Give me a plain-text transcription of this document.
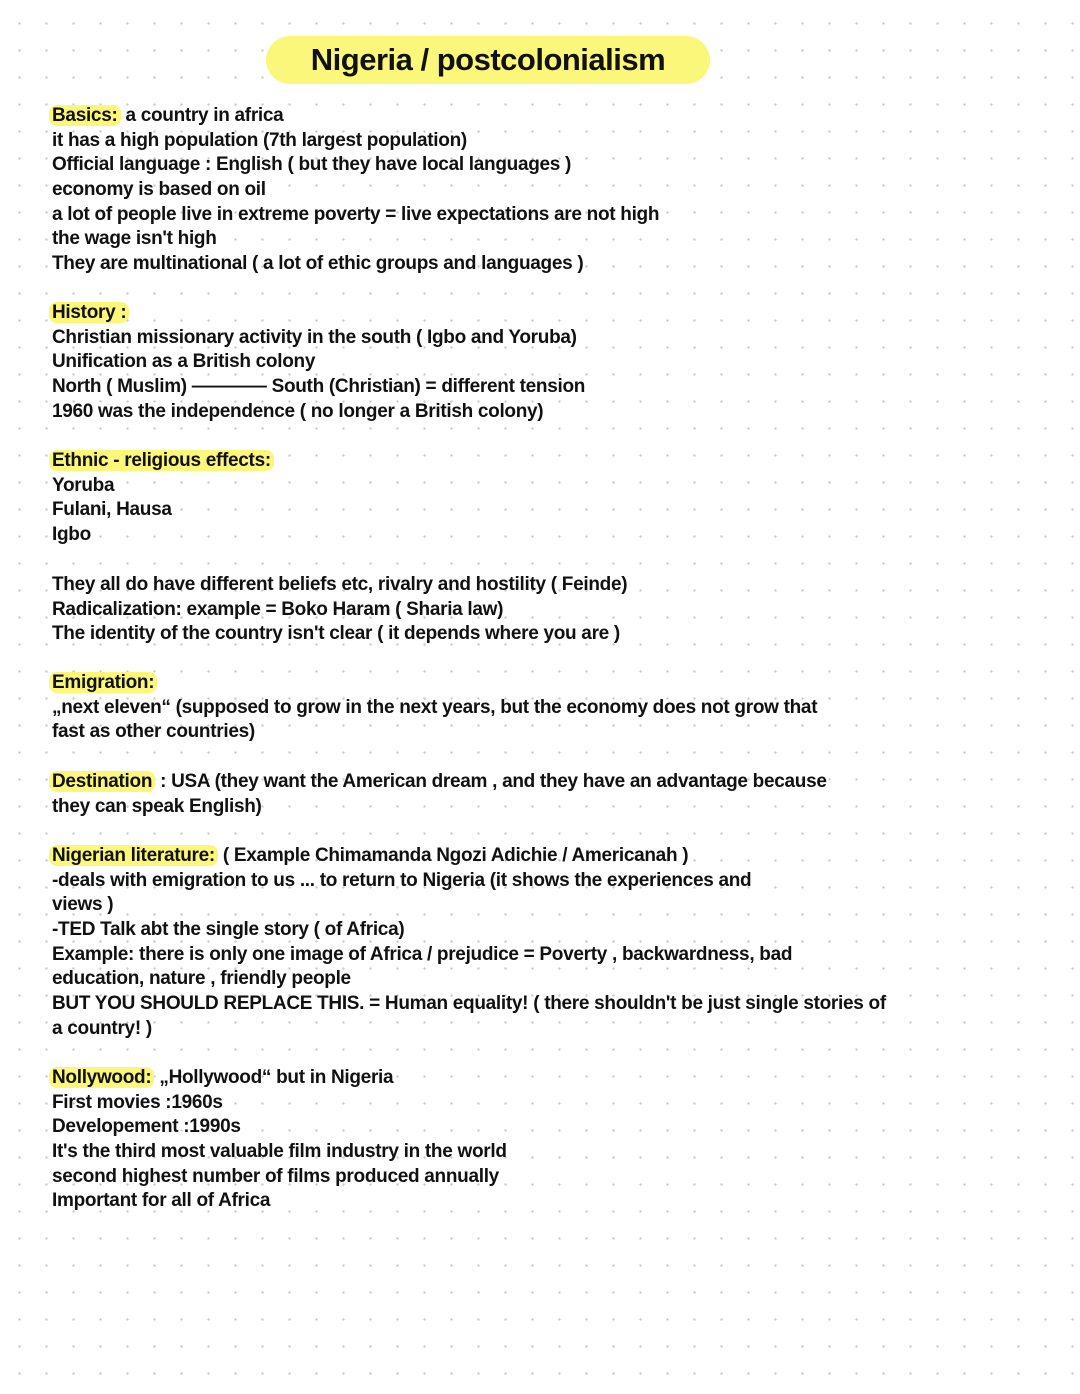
Nigeria / postcolonialism
Basics: a country in africa
it has a high population (7th largest population)
Official language : English ( but they have local languages )
economy is based on oil
a lot of people live in extreme poverty = live expectations are not high
the wage isn't high
They are multinational ( a lot of ethic groups and languages )
History :
Christian missionary activity in the south ( Igbo and Yoruba)
Unification as a British colony
North ( Muslim) ———— South (Christian) = different tension
1960 was the independence ( no longer a British colony)
Ethnic - religious effects:
Yoruba
Fulani, Hausa
Igbo
They all do have different beliefs etc, rivalry and hostility ( Feinde)
Radicalization: example = Boko Haram ( Sharia law)
The identity of the country isn't clear ( it depends where you are )
Emigration:
„next eleven“ (supposed to grow in the next years, but the economy does not grow that
fast as other countries)
Destination : USA (they want the American dream , and they have an advantage because
they can speak English)
Nigerian literature: ( Example Chimamanda Ngozi Adichie / Americanah )
-deals with emigration to us ... to return to Nigeria (it shows the experiences and
views )
-TED Talk abt the single story ( of Africa)
Example: there is only one image of Africa / prejudice = Poverty , backwardness, bad
education, nature , friendly people
BUT YOU SHOULD REPLACE THIS. = Human equality! ( there shouldn't be just single stories of
a country! )
Nollywood: „Hollywood“ but in Nigeria
First movies :1960s
Developement :1990s
It's the third most valuable film industry in the world
second highest number of films produced annually
Important for all of Africa
